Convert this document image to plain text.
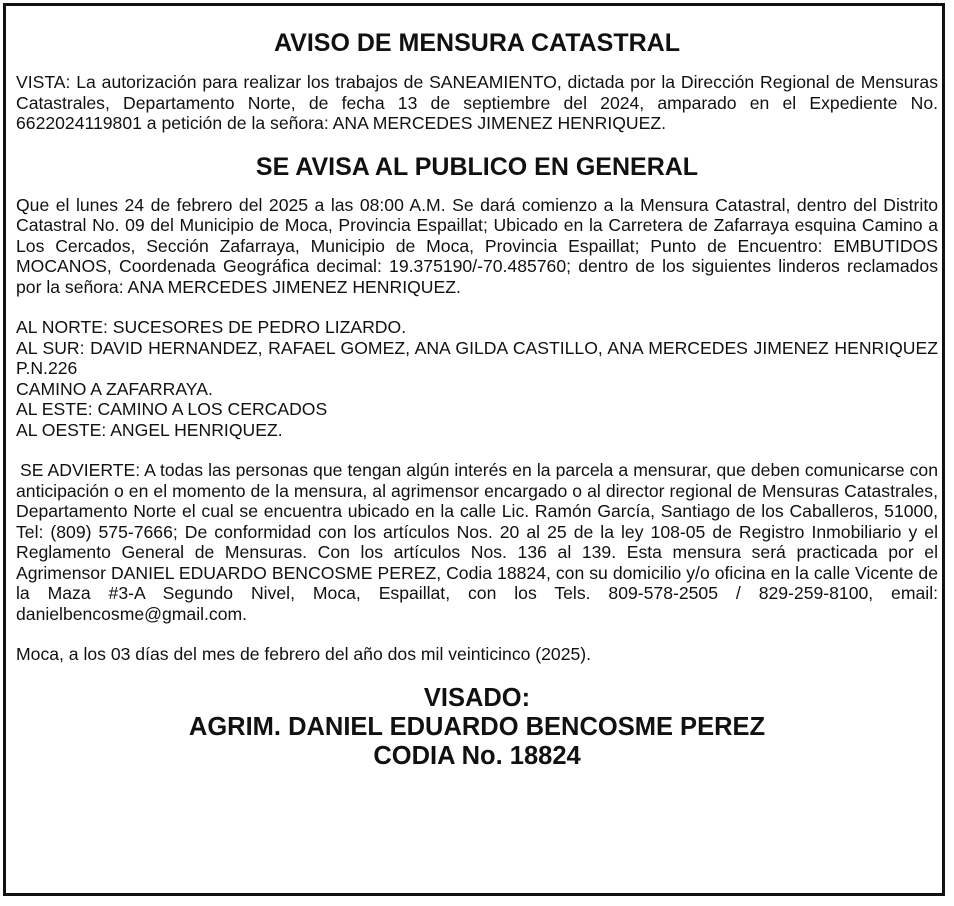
AVISO DE MENSURA CATASTRAL

VISTA: La autorización para realizar los trabajos de SANEAMIENTO, dictada por la Dirección Regional de Mensuras Catastrales, Departamento Norte, de fecha 13 de septiembre del 2024, amparado en el Expediente No. 6622024119801 a petición de la señora: ANA MERCEDES JIMENEZ HENRIQUEZ.

SE AVISA AL PUBLICO EN GENERAL

Que el lunes 24 de febrero del 2025 a las 08:00 A.M. Se dará comienzo a la Mensura Catastral, dentro del Distrito Catastral No. 09 del Municipio de Moca, Provincia Espaillat; Ubicado en la Carretera de Zafarraya esquina Camino a Los Cercados, Sección Zafarraya, Municipio de Moca, Provincia Espaillat; Punto de Encuentro: EMBUTIDOS MOCANOS, Coordenada Geográfica decimal: 19.375190/-70.485760; dentro de los siguientes linderos reclamados por la señora: ANA MERCEDES JIMENEZ HENRIQUEZ.

AL NORTE: SUCESORES DE PEDRO LIZARDO.

AL SUR: DAVID HERNANDEZ, RAFAEL GOMEZ, ANA GILDA CASTILLO, ANA MERCEDES JIMENEZ HENRIQUEZ P.N.226

CAMINO A ZAFARRAYA.

AL ESTE: CAMINO A LOS CERCADOS

AL OESTE: ANGEL HENRIQUEZ.

SE ADVIERTE: A todas las personas que tengan algún interés en la parcela a mensurar, que deben comunicarse con anticipación o en el momento de la mensura, al agrimensor encargado o al director regional de Mensuras Catastrales, Departamento Norte el cual se encuentra ubicado en la calle Lic. Ramón García, Santiago de los Caballeros, 51000, Tel: (809) 575-7666; De conformidad con los artículos Nos. 20 al 25 de la ley 108-05 de Registro Inmobiliario y el Reglamento General de Mensuras. Con los artículos Nos. 136 al 139. Esta mensura será practicada por el Agrimensor DANIEL EDUARDO BENCOSME PEREZ, Codia 18824, con su domicilio y/o oficina en la calle Vicente de la Maza #3-A Segundo Nivel, Moca, Espaillat, con los Tels. 809-578-2505 / 829-259-8100, email: danielbencosme@gmail.com.

Moca, a los 03 días del mes de febrero del año dos mil veinticinco (2025).

VISADO:

AGRIM. DANIEL EDUARDO BENCOSME PEREZ

CODIA No. 18824
